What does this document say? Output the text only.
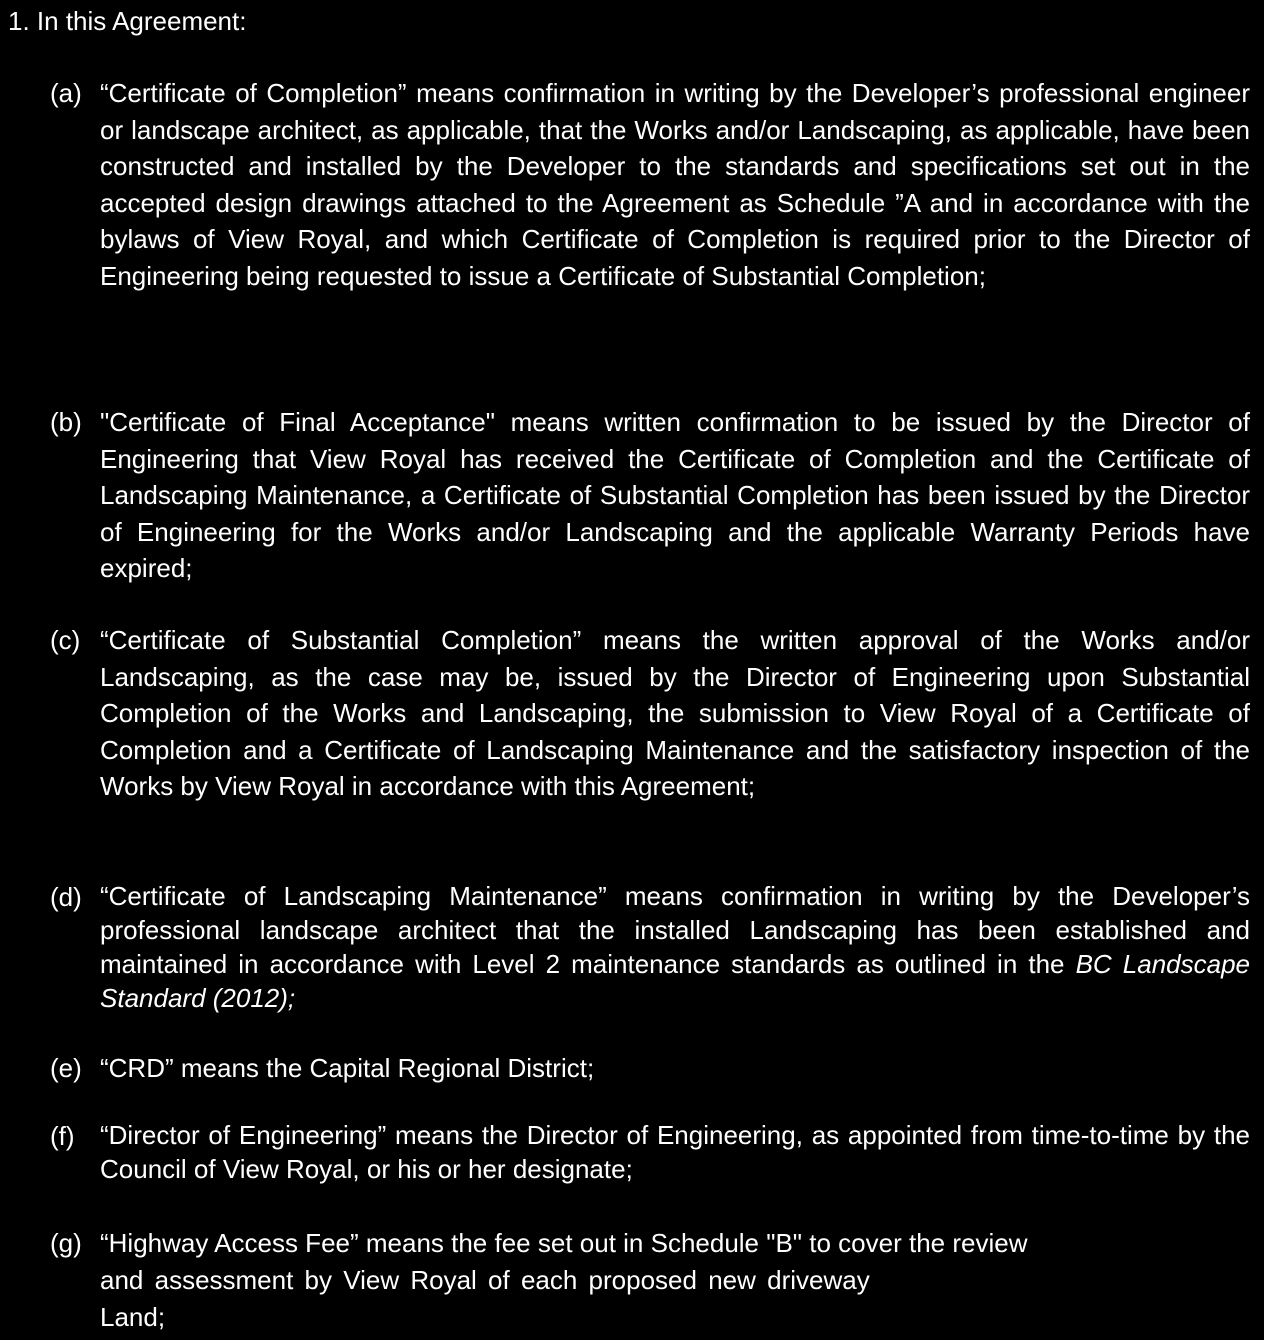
1. In this Agreement:
(a) “Certificate of Completion” means confirmation in writing by the Developer’s professional engineer or landscape architect, as applicable, that the Works and/or Landscaping, as applicable, have been constructed and installed by the Developer to the standards and specifications set out in the accepted design drawings attached to the Agreement as Schedule ”A and in accordance with the bylaws of View Royal, and which Certificate of Completion is required prior to the Director of Engineering being requested to issue a Certificate of Substantial Completion;
(b) "Certificate of Final Acceptance" means written confirmation to be issued by the Director of Engineering that View Royal has received the Certificate of Completion and the Certificate of Landscaping Maintenance, a Certificate of Substantial Completion has been issued by the Director of Engineering for the Works and/or Landscaping and the applicable Warranty Periods have expired;
(c) “Certificate of Substantial Completion” means the written approval of the Works and/or Landscaping, as the case may be, issued by the Director of Engineering upon Substantial Completion of the Works and Landscaping, the submission to View Royal of a Certificate of Completion and a Certificate of Landscaping Maintenance and the satisfactory inspection of the Works by View Royal in accordance with this Agreement;
(d) “Certificate of Landscaping Maintenance” means confirmation in writing by the Developer’s professional landscape architect that the installed Landscaping has been established and maintained in accordance with Level 2 maintenance standards as outlined in the BC Landscape Standard (2012);
(e) “CRD” means the Capital Regional District;
(f) “Director of Engineering” means the Director of Engineering, as appointed from time-to-time by the Council of View Royal, or his or her designate;
(g) “Highway Access Fee” means the fee set out in Schedule "B" to cover the review
and assessment by View Royal of each proposed new driveway
Land;
